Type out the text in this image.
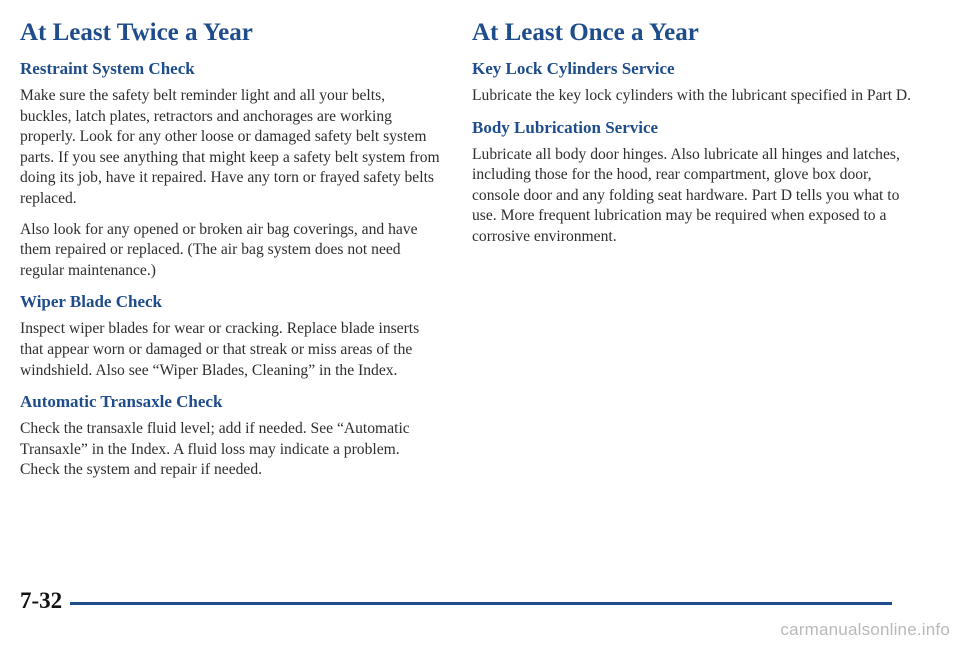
At Least Twice a Year
Restraint System Check

Make sure the safety belt reminder light and all your belts, buckles, latch plates, retractors and anchorages are working properly. Look for any other loose or damaged safety belt system parts. If you see anything that might keep a safety belt system from doing its job, have it repaired. Have any torn or frayed safety belts replaced.

Also look for any opened or broken air bag coverings, and have them repaired or replaced. (The air bag system does not need regular maintenance.)

Wiper Blade Check

Inspect wiper blades for wear or cracking. Replace blade inserts that appear worn or damaged or that streak or miss areas of the windshield. Also see “Wiper Blades, Cleaning” in the Index.

Automatic Transaxle Check

Check the transaxle fluid level; add if needed. See “Automatic Transaxle” in the Index. A fluid loss may indicate a problem. Check the system and repair if needed.

At Least Once a Year
Key Lock Cylinders Service

Lubricate the key lock cylinders with the lubricant specified in Part D.

Body Lubrication Service

Lubricate all body door hinges. Also lubricate all hinges and latches, including those for the hood, rear compartment, glove box door, console door and any folding seat hardware. Part D tells you what to use. More frequent lubrication may be required when exposed to a corrosive environment.

7-32
carmanualsonline.info
